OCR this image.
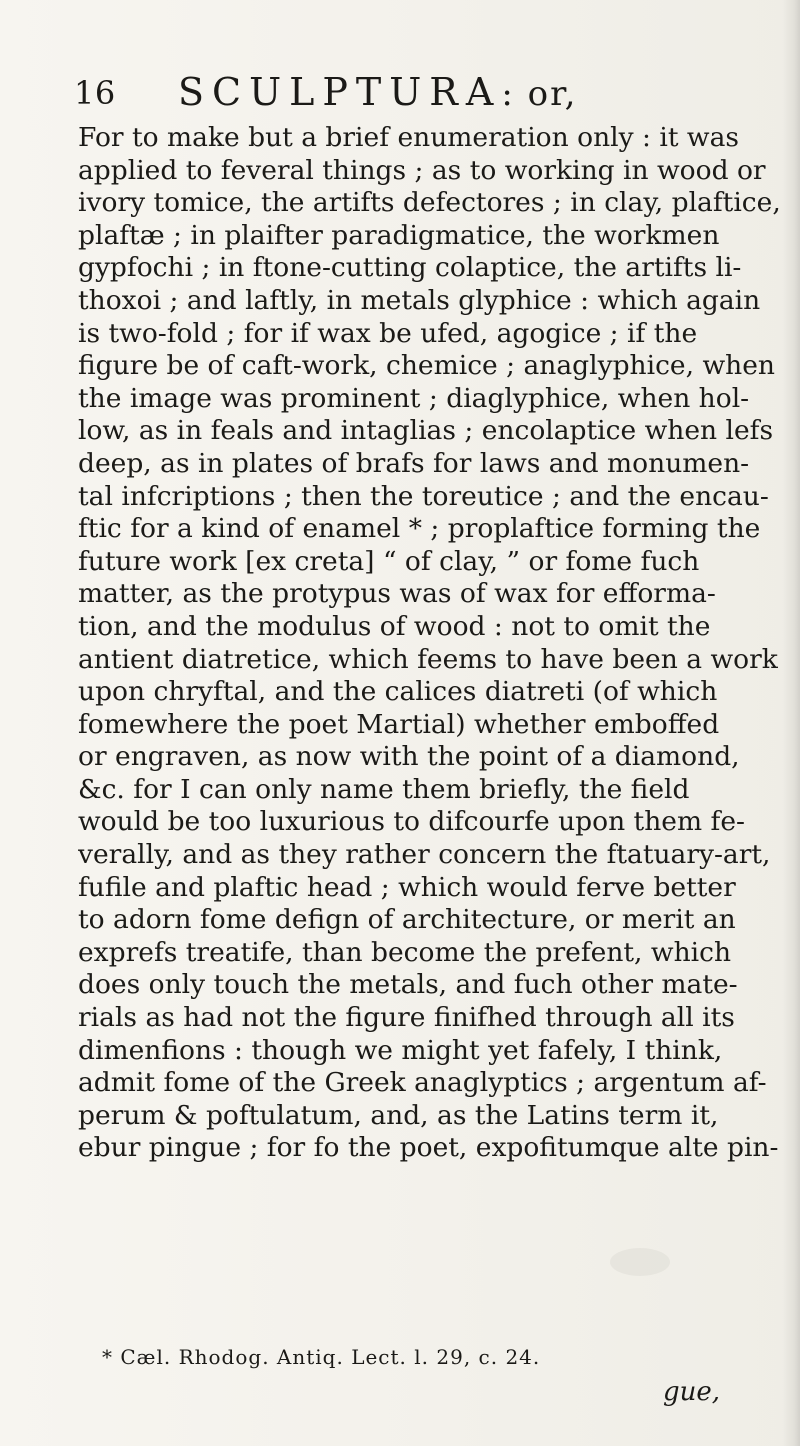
16 SCULPTURA: or,
For to make but a brief enumeration only : it was
applied to feveral things ; as to working in wood or
ivory tomice, the artifts defectores ; in clay, plaftice,
plaftæ ; in plaifter paradigmatice, the workmen
gypfochi ; in ftone-cutting colaptice, the artifts li-
thoxoi ; and laftly, in metals glyphice : which again
is two-fold ; for if wax be ufed, agogice ; if the
figure be of caft-work, chemice ; anaglyphice, when
the image was prominent ; diaglyphice, when hol-
low, as in feals and intaglias ; encolaptice when lefs
deep, as in plates of brafs for laws and monumen-
tal infcriptions ; then the toreutice ; and the encau-
ftic for a kind of enamel * ; proplaftice forming the
future work [ex creta] “ of clay, ” or fome fuch
matter, as the protypus was of wax for efforma-
tion, and the modulus of wood : not to omit the
antient diatretice, which feems to have been a work
upon chryftal, and the calices diatreti (of which
fomewhere the poet Martial) whether emboffed
or engraven, as now with the point of a diamond,
&c. for I can only name them briefly, the field
would be too luxurious to difcourfe upon them fe-
verally, and as they rather concern the ftatuary-art,
fufile and plaftic head ; which would ferve better
to adorn fome defign of architecture, or merit an
exprefs treatife, than become the prefent, which
does only touch the metals, and fuch other mate-
rials as had not the figure finifhed through all its
dimenfions : though we might yet fafely, I think,
admit fome of the Greek anaglyptics ; argentum af-
perum & poftulatum, and, as the Latins term it,
ebur pingue ; for fo the poet, expofitumque alte pin-
* Cæl. Rhodog. Antiq. Lect. l. 29, c. 24.
gue,
